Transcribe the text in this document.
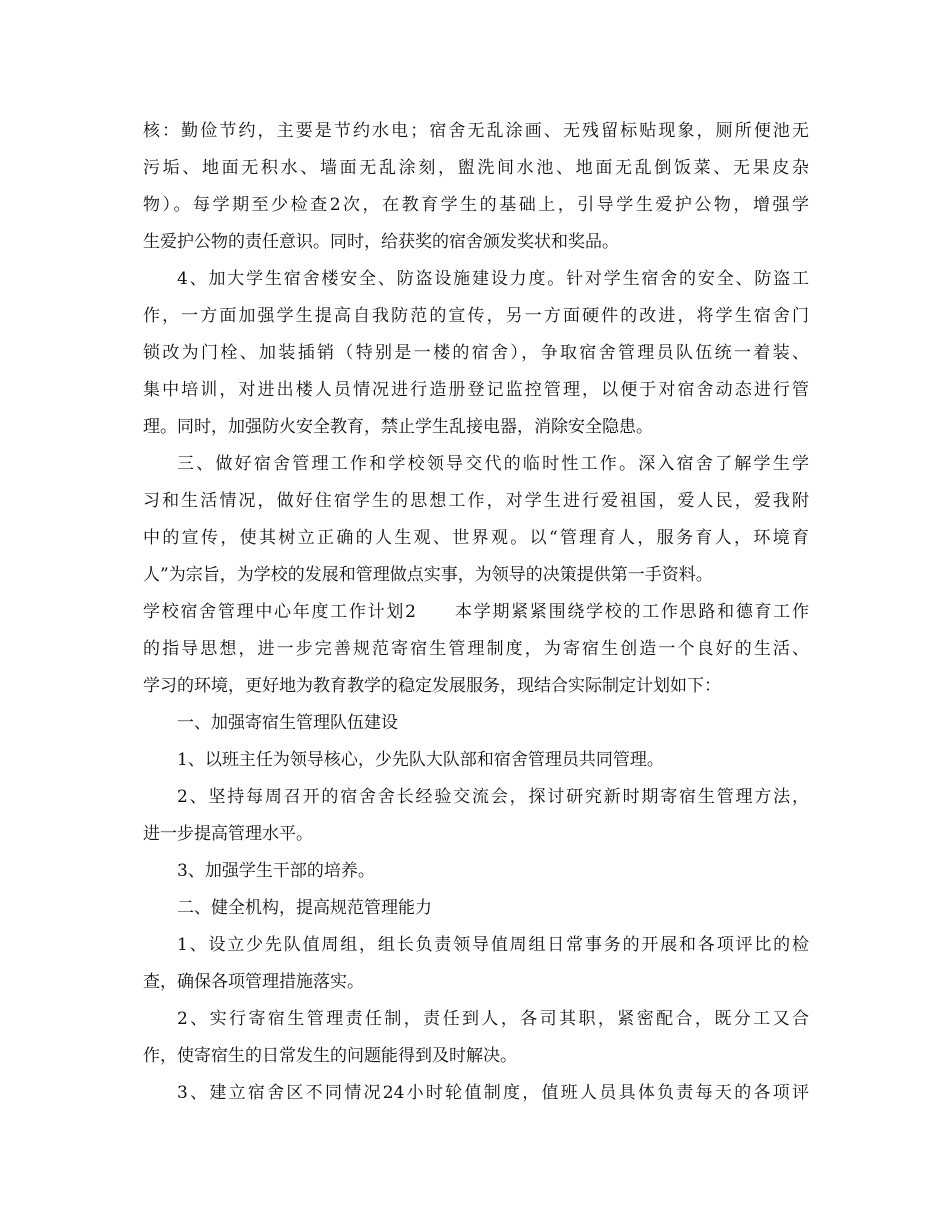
核：勤俭节约，主要是节约水电；宿舍无乱涂画、无残留标贴现象，厕所便池无
污垢、地面无积水、墙面无乱涂刻，盥洗间水池、地面无乱倒饭菜、无果皮杂
物）。每学期至少检查2次，在教育学生的基础上，引导学生爱护公物，增强学
生爱护公物的责任意识。同时，给获奖的宿舍颁发奖状和奖品。
4、加大学生宿舍楼安全、防盗设施建设力度。针对学生宿舍的安全、防盗工
作，一方面加强学生提高自我防范的宣传，另一方面硬件的改进，将学生宿舍门
锁改为门栓、加装插销（特别是一楼的宿舍），争取宿舍管理员队伍统一着装、
集中培训，对进出楼人员情况进行造册登记监控管理，以便于对宿舍动态进行管
理。同时，加强防火安全教育，禁止学生乱接电器，消除安全隐患。
三、做好宿舍管理工作和学校领导交代的临时性工作。深入宿舍了解学生学
习和生活情况，做好住宿学生的思想工作，对学生进行爱祖国，爱人民，爱我附
中的宣传，使其树立正确的人生观、世界观。以“管理育人，服务育人，环境育
人”为宗旨，为学校的发展和管理做点实事，为领导的决策提供第一手资料。
学校宿舍管理中心年度工作计划2　　本学期紧紧围绕学校的工作思路和德育工作
的指导思想，进一步完善规范寄宿生管理制度，为寄宿生创造一个良好的生活、
学习的环境，更好地为教育教学的稳定发展服务，现结合实际制定计划如下：
一、加强寄宿生管理队伍建设
1、以班主任为领导核心，少先队大队部和宿舍管理员共同管理。
2、坚持每周召开的宿舍舍长经验交流会，探讨研究新时期寄宿生管理方法，
进一步提高管理水平。
3、加强学生干部的培养。
二、健全机构，提高规范管理能力
1、设立少先队值周组，组长负责领导值周组日常事务的开展和各项评比的检
查，确保各项管理措施落实。
2、实行寄宿生管理责任制，责任到人，各司其职，紧密配合，既分工又合
作，使寄宿生的日常发生的问题能得到及时解决。
3、建立宿舍区不同情况24小时轮值制度，值班人员具体负责每天的各项评
